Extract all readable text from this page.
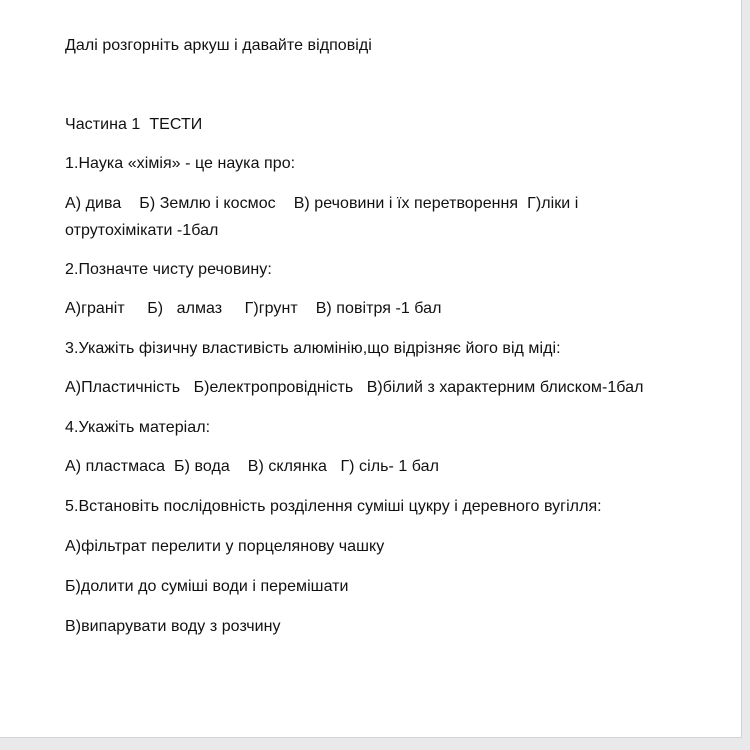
Далі розгорніть аркуш і давайте відповіді
Частина 1  ТЕСТИ
1.Наука «хімія» - це наука про:
А) дива    Б) Землю і космос    В) речовини і їх перетворення  Г)ліки і
отрутохімікати -1бал
2.Позначте чисту речовину:
А)граніт     Б)   алмаз     Г)грунт    В) повітря -1 бал
3.Укажіть фізичну властивість алюмінію,що відрізняє його від міді:
А)Пластичність   Б)електропровідність   В)білий з характерним блиском-1бал
4.Укажіть матеріал:
А) пластмаса  Б) вода    В) склянка   Г) сіль- 1 бал
5.Встановіть послідовність розділення суміші цукру і деревного вугілля:
А)фільтрат перелити у порцелянову чашку
Б)долити до суміші води і перемішати
В)випарувати воду з розчину
